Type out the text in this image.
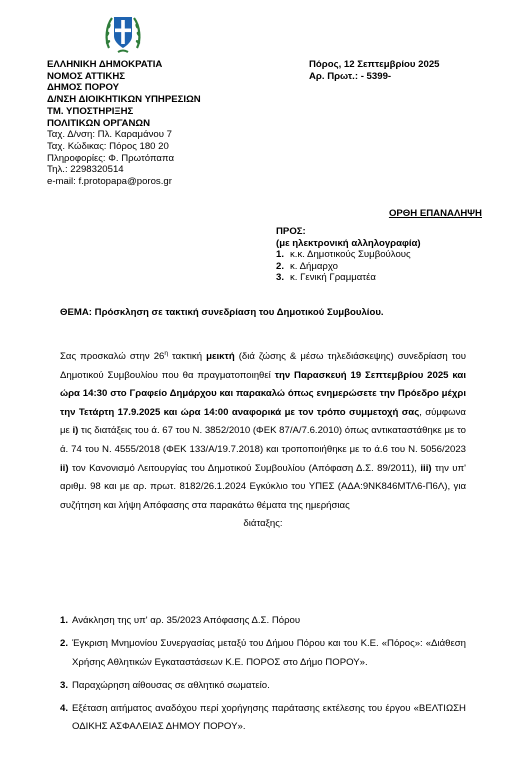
ΕΛΛΗΝΙΚΗ ΔΗΜΟΚΡΑΤΙΑ
ΝΟΜΟΣ ΑΤΤΙΚΗΣ
ΔΗΜΟΣ ΠΟΡΟΥ
Δ/ΝΣΗ ΔΙΟΙΚΗΤΙΚΩΝ ΥΠΗΡΕΣΙΩΝ
ΤΜ. ΥΠΟΣΤΗΡΙΞΗΣ
ΠΟΛΙΤΙΚΩΝ ΟΡΓΑΝΩΝ
Ταχ. Δ/νση: Πλ. Καραμάνου 7
Ταχ. Κώδικας: Πόρος 180 20
Πληροφορίες: Φ. Πρωτόπαπα
Τηλ.: 2298320514
e-mail: f.protopapa@poros.gr
Πόρος, 12 Σεπτεμβρίου 2025
Αρ. Πρωτ.: - 5399-
ΟΡΘΗ ΕΠΑΝΑΛΗΨΗ
ΠΡΟΣ:
(με ηλεκτρονική αλληλογραφία)
1. κ.κ. Δημοτικούς Συμβούλους
2. κ. Δήμαρχο
3. κ. Γενική Γραμματέα
ΘΕΜΑ: Πρόσκληση σε τακτική συνεδρίαση του Δημοτικού Συμβουλίου.
Σας προσκαλώ στην $26^\eta$ τακτική μεικτή (διά ζώσης & μέσω τηλεδιάσκεψης) συνεδρίαση του Δημοτικού Συμβουλίου που θα πραγματοποιηθεί την Παρασκευή 19 Σεπτεμβρίου 2025 και ώρα 14:30 στο Γραφείο Δημάρχου και παρακαλώ όπως ενημερώσετε την Πρόεδρο μέχρι την Τετάρτη 17.9.2025 και ώρα 14:00 αναφορικά με τον τρόπο συμμετοχή σας, σύμφωνα με i) τις διατάξεις του ά. 67 του Ν. 3852/2010 (ΦΕΚ 87/Α/7.6.2010) όπως αντικαταστάθηκε με το ά. 74 του Ν. 4555/2018 (ΦΕΚ 133/Α/19.7.2018) και τροποποιήθηκε με το ά.6 του Ν. 5056/2023 ii) τον Κανονισμό Λειτουργίας του Δημοτικού Συμβουλίου (Απόφαση Δ.Σ. 89/2011), iii) την υπ' αριθμ. 98 και με αρ. πρωτ. 8182/26.1.2024 Εγκύκλιο του ΥΠΕΣ (ΑΔΑ:9ΝΚ846ΜΤΛ6-Π6Λ), για συζήτηση και λήψη Απόφασης στα παρακάτω θέματα της ημερήσιας
διάταξης:
1. Ανάκληση της υπ' αρ. 35/2023 Απόφασης Δ.Σ. Πόρου
2. Έγκριση Μνημονίου Συνεργασίας μεταξύ του Δήμου Πόρου και του Κ.Ε. «Πόρος»: «Διάθεση Χρήσης Αθλητικών Εγκαταστάσεων Κ.Ε. ΠΟΡΟΣ στο Δήμο ΠΟΡΟΥ».
3. Παραχώρηση αίθουσας σε αθλητικό σωματείο.
4. Εξέταση αιτήματος αναδόχου περί χορήγησης παράτασης εκτέλεσης του έργου «ΒΕΛΤΙΩΣΗ ΟΔΙΚΗΣ ΑΣΦΑΛΕΙΑΣ ΔΗΜΟΥ ΠΟΡΟΥ».
